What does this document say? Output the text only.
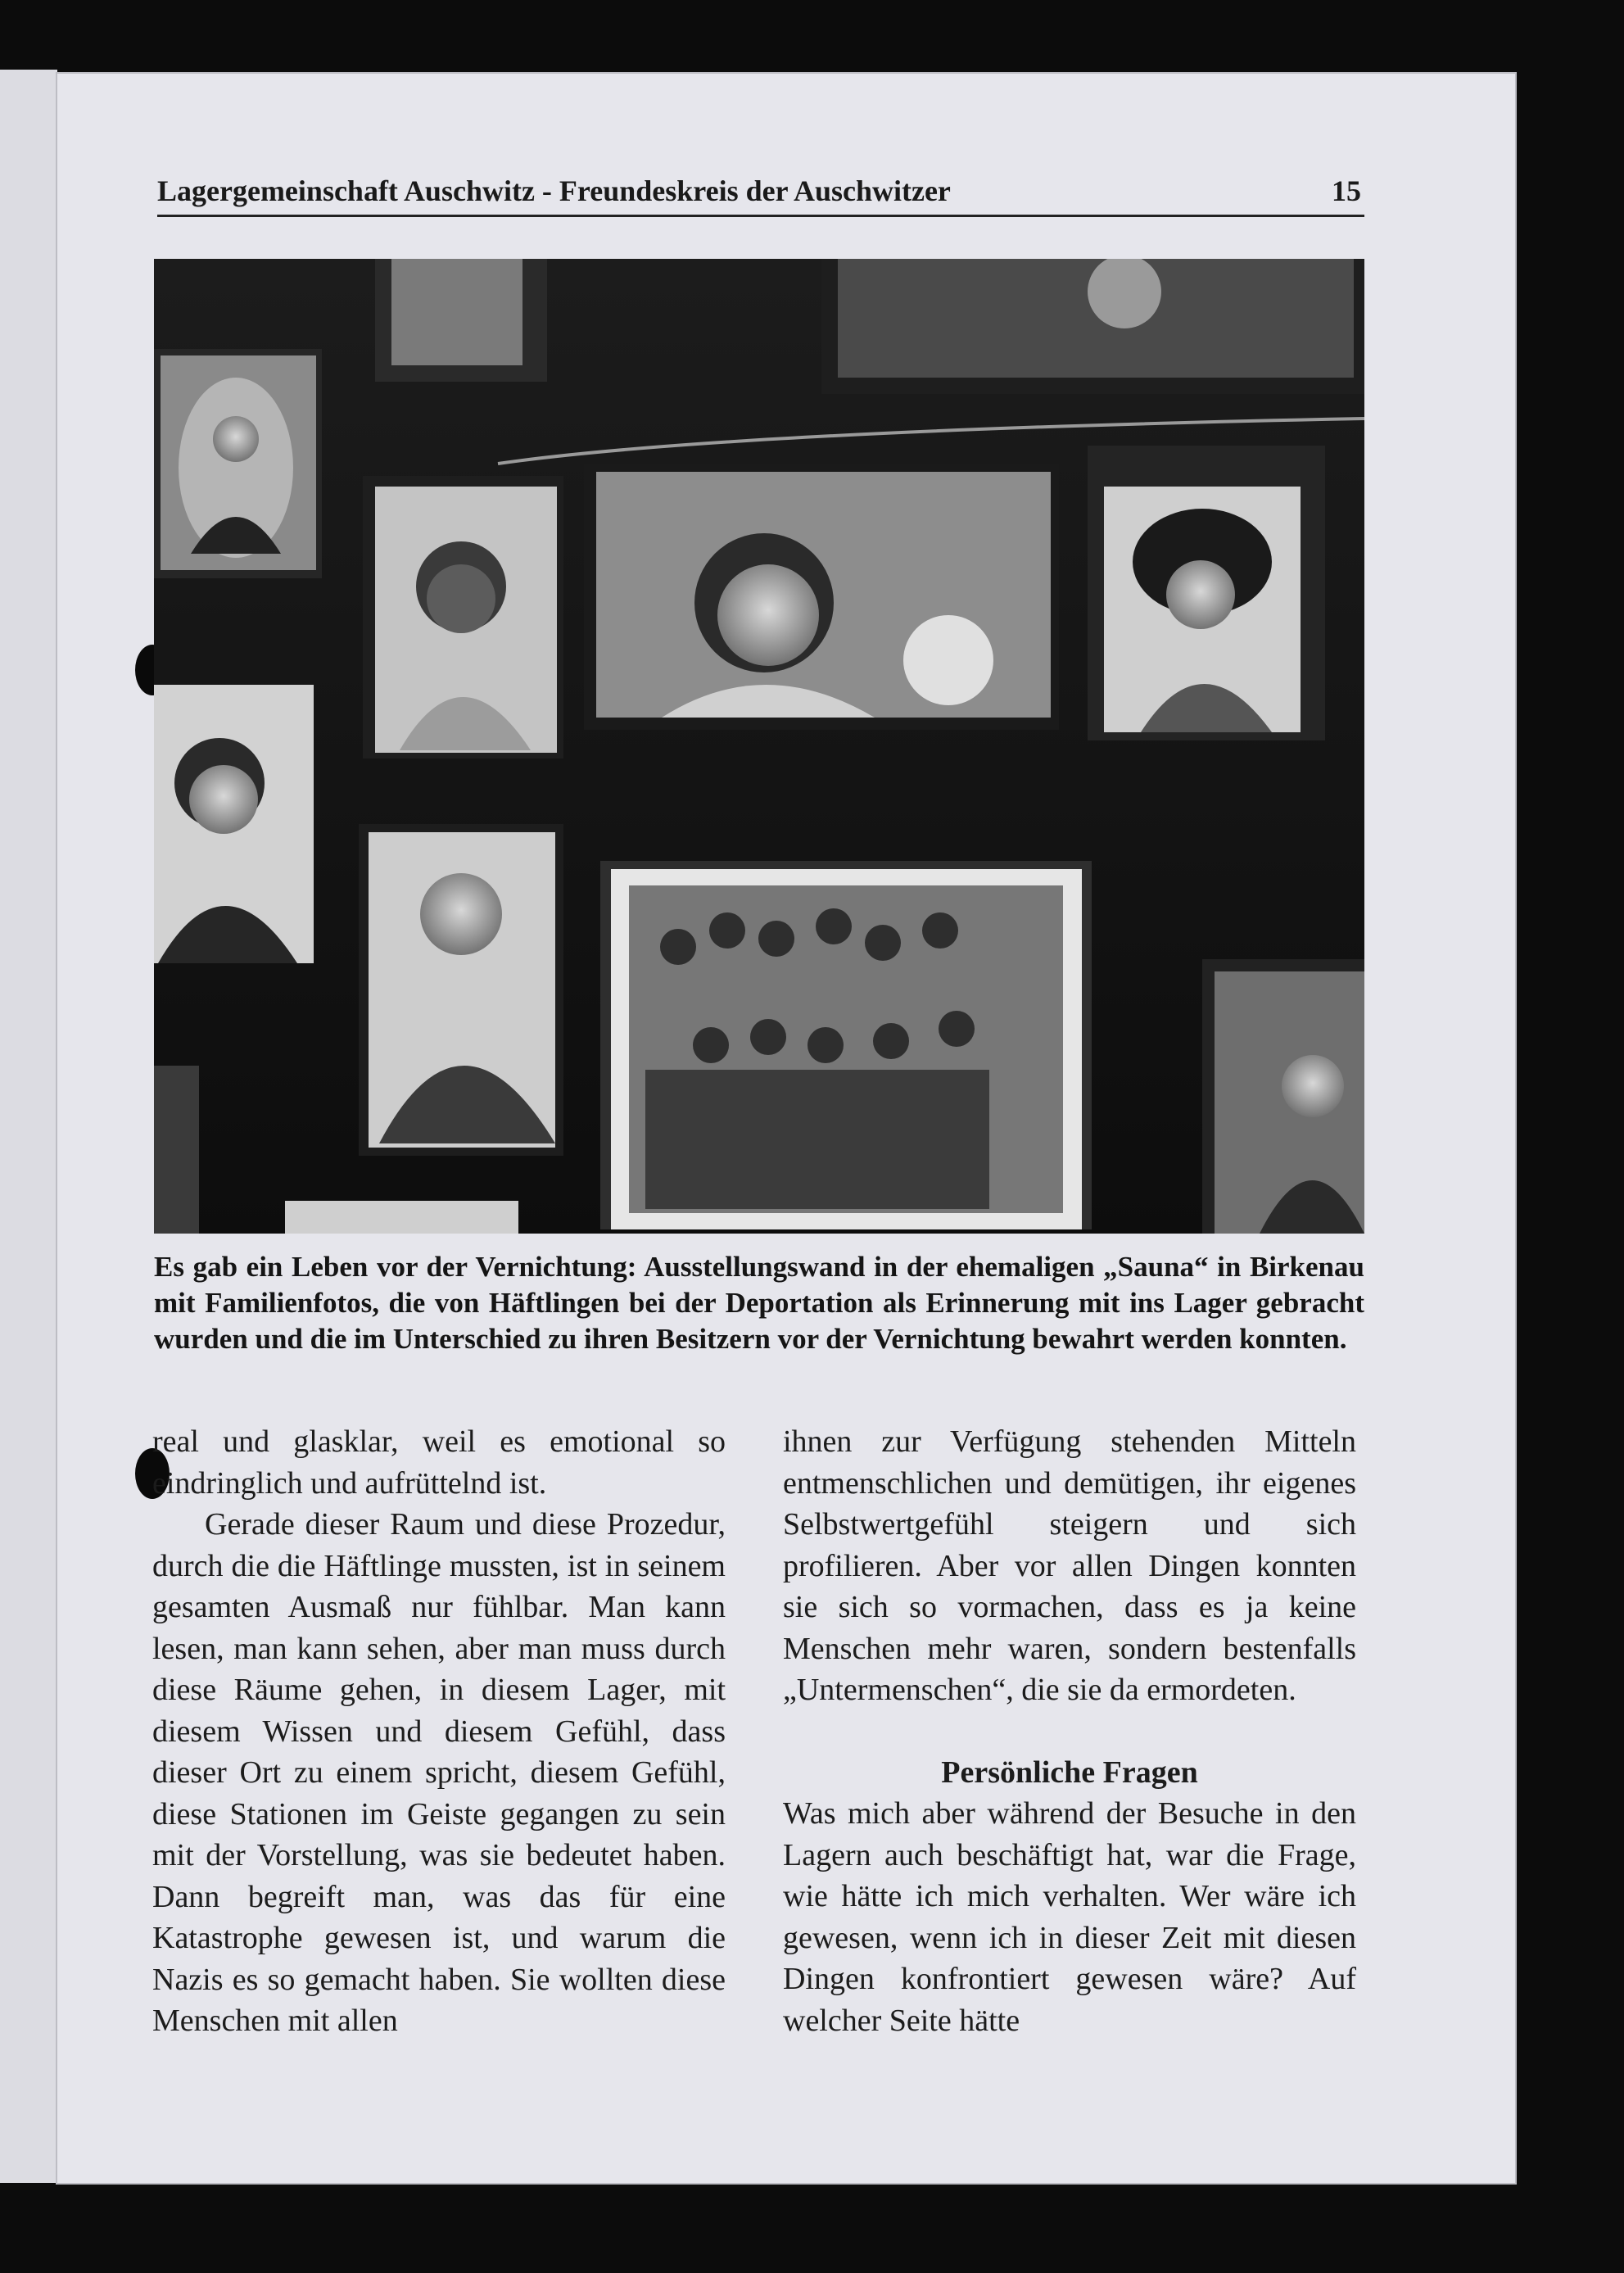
Lagergemeinschaft Auschwitz - Freundeskreis der Auschwitzer	15
Es gab ein Leben vor der Vernichtung: Ausstellungswand in der ehemaligen „Sauna“ in Birkenau mit Familienfotos, die von Häftlingen bei der Deportation als Erinnerung mit ins Lager gebracht wurden und die im Unterschied zu ihren Besitzern vor der Vernichtung bewahrt werden konnten.

real und glasklar, weil es emotional so eindringlich und aufrüttelnd ist.

Gerade dieser Raum und diese Prozedur, durch die die Häftlinge mussten, ist in seinem gesamten Ausmaß nur fühlbar. Man kann lesen, man kann sehen, aber man muss durch diese Räume gehen, in diesem Lager, mit diesem Wissen und diesem Gefühl, dass dieser Ort zu einem spricht, diesem Gefühl, diese Stationen im Geiste gegangen zu sein mit der Vorstellung, was sie bedeutet haben. Dann begreift man, was das für eine Katastrophe gewesen ist, und warum die Nazis es so gemacht haben. Sie wollten diese Menschen mit allen

ihnen zur Verfügung stehenden Mitteln entmenschlichen und demütigen, ihr eigenes Selbstwertgefühl steigern und sich profilieren. Aber vor allen Dingen konnten sie sich so vormachen, dass es ja keine Menschen mehr waren, sondern bestenfalls „Untermenschen“, die sie da ermordeten.

Persönliche Fragen

Was mich aber während der Besuche in den Lagern auch beschäftigt hat, war die Frage, wie hätte ich mich verhalten. Wer wäre ich gewesen, wenn ich in dieser Zeit mit diesen Dingen konfrontiert gewesen wäre? Auf welcher Seite hätte
